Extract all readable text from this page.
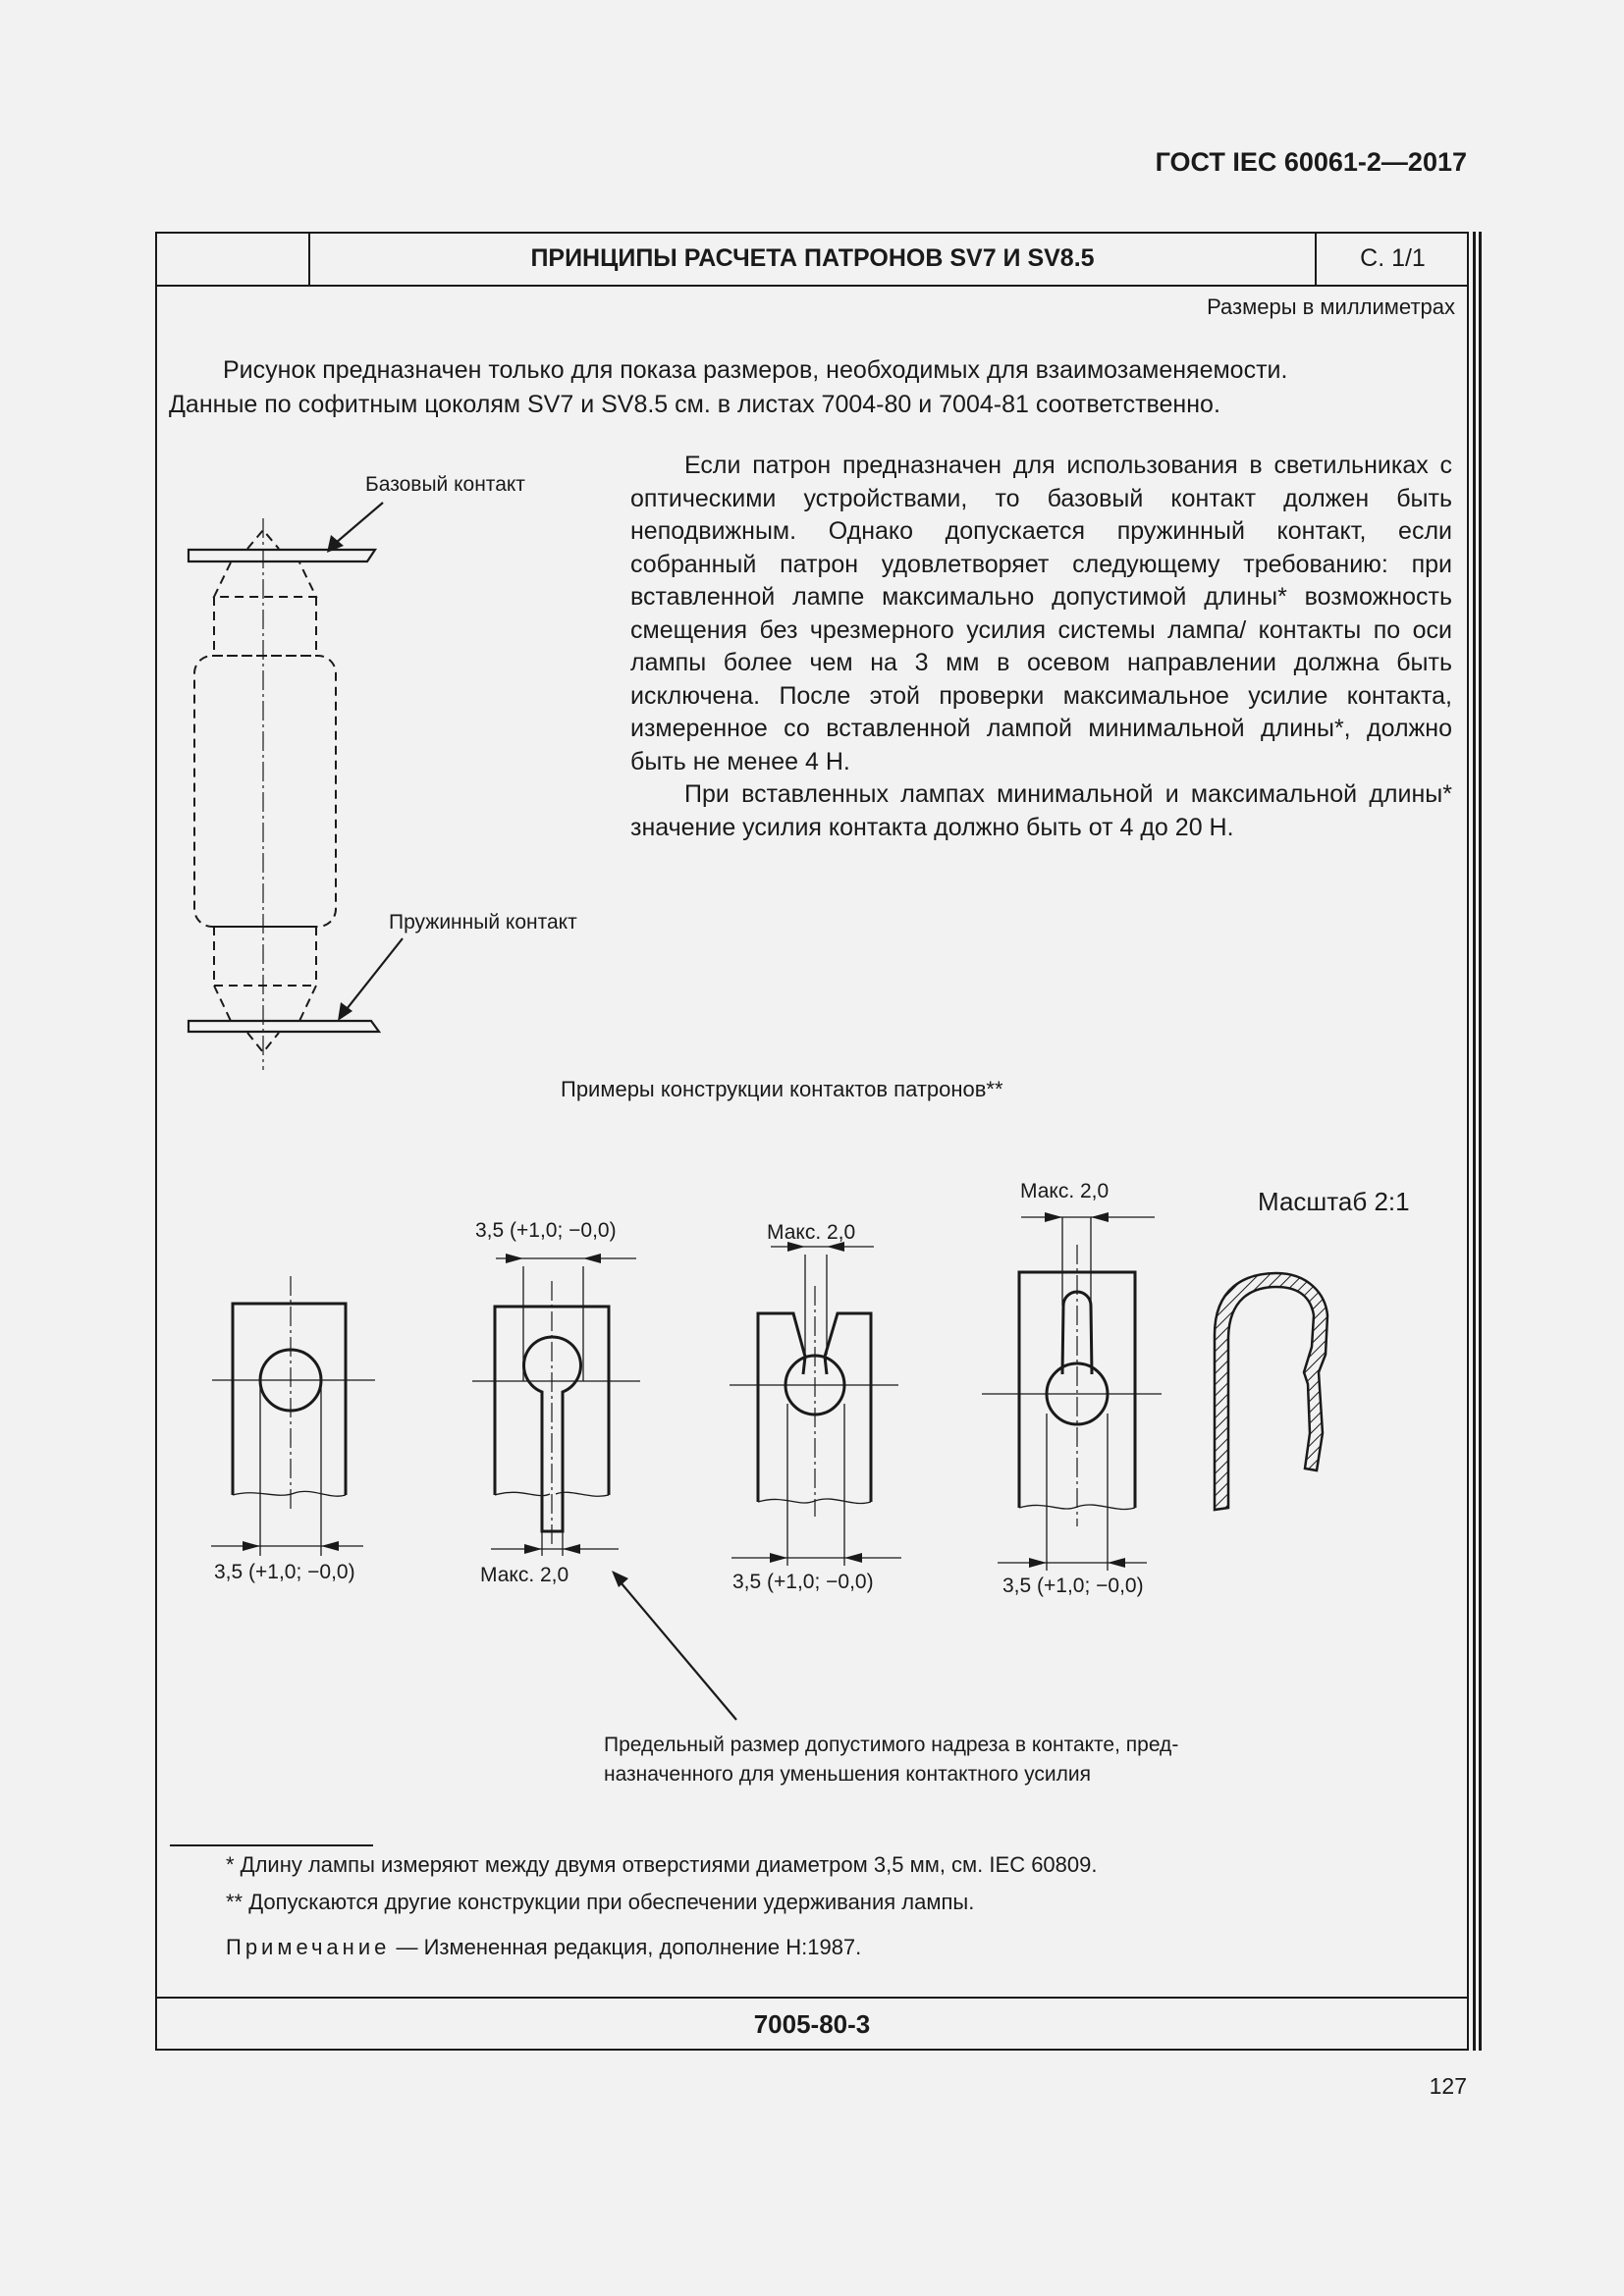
ГОСТ IEC 60061-2—2017
ПРИНЦИПЫ РАСЧЕТА ПАТРОНОВ SV7 И SV8.5	С. 1/1
Размеры в миллиметрах

Рисунок предназначен только для показа размеров, необходимых для взаимозаменяемости.

Данные по софитным цоколям SV7 и SV8.5 см. в листах 7004-80 и 7004-81 соответственно.

Если патрон предназначен для использования в светильниках с оптическими устройствами, то базовый контакт должен быть неподвижным. Однако допускается пружинный контакт, если собранный патрон удовлетворяет следующему требованию: при вставленной лампе максимально допустимой длины* возможность смещения без чрезмерного усилия системы лампа/ контакты по оси лампы более чем на 3 мм в осевом направлении должна быть исключена. После этой проверки максимальное усилие контакта, измеренное со вставленной лампой минимальной длины*, должно быть не менее 4 Н.

При вставленных лампах минимальной и максимальной длины* значение усилия контакта должно быть от 4 до 20 Н.

Базовый контакт
Пружинный контакт
Примеры конструкции контактов патронов**
Масштаб 2:1
3,5 (+1,0; −0,0)
3,5 (+1,0; −0,0)
Макс. 2,0
Макс. 2,0
3,5 (+1,0; −0,0)
Макс. 2,0
3,5 (+1,0; −0,0)
Предельный размер допустимого надреза в контакте, предназначенного для уменьшения контактного усилия
* Длину лампы измеряют между двумя отверстиями диаметром 3,5 мм, см. IEC 60809.
** Допускаются другие конструкции при обеспечении удерживания лампы.
Примечание — Измененная редакция, дополнение Н:1987.
7005-80-3
127
